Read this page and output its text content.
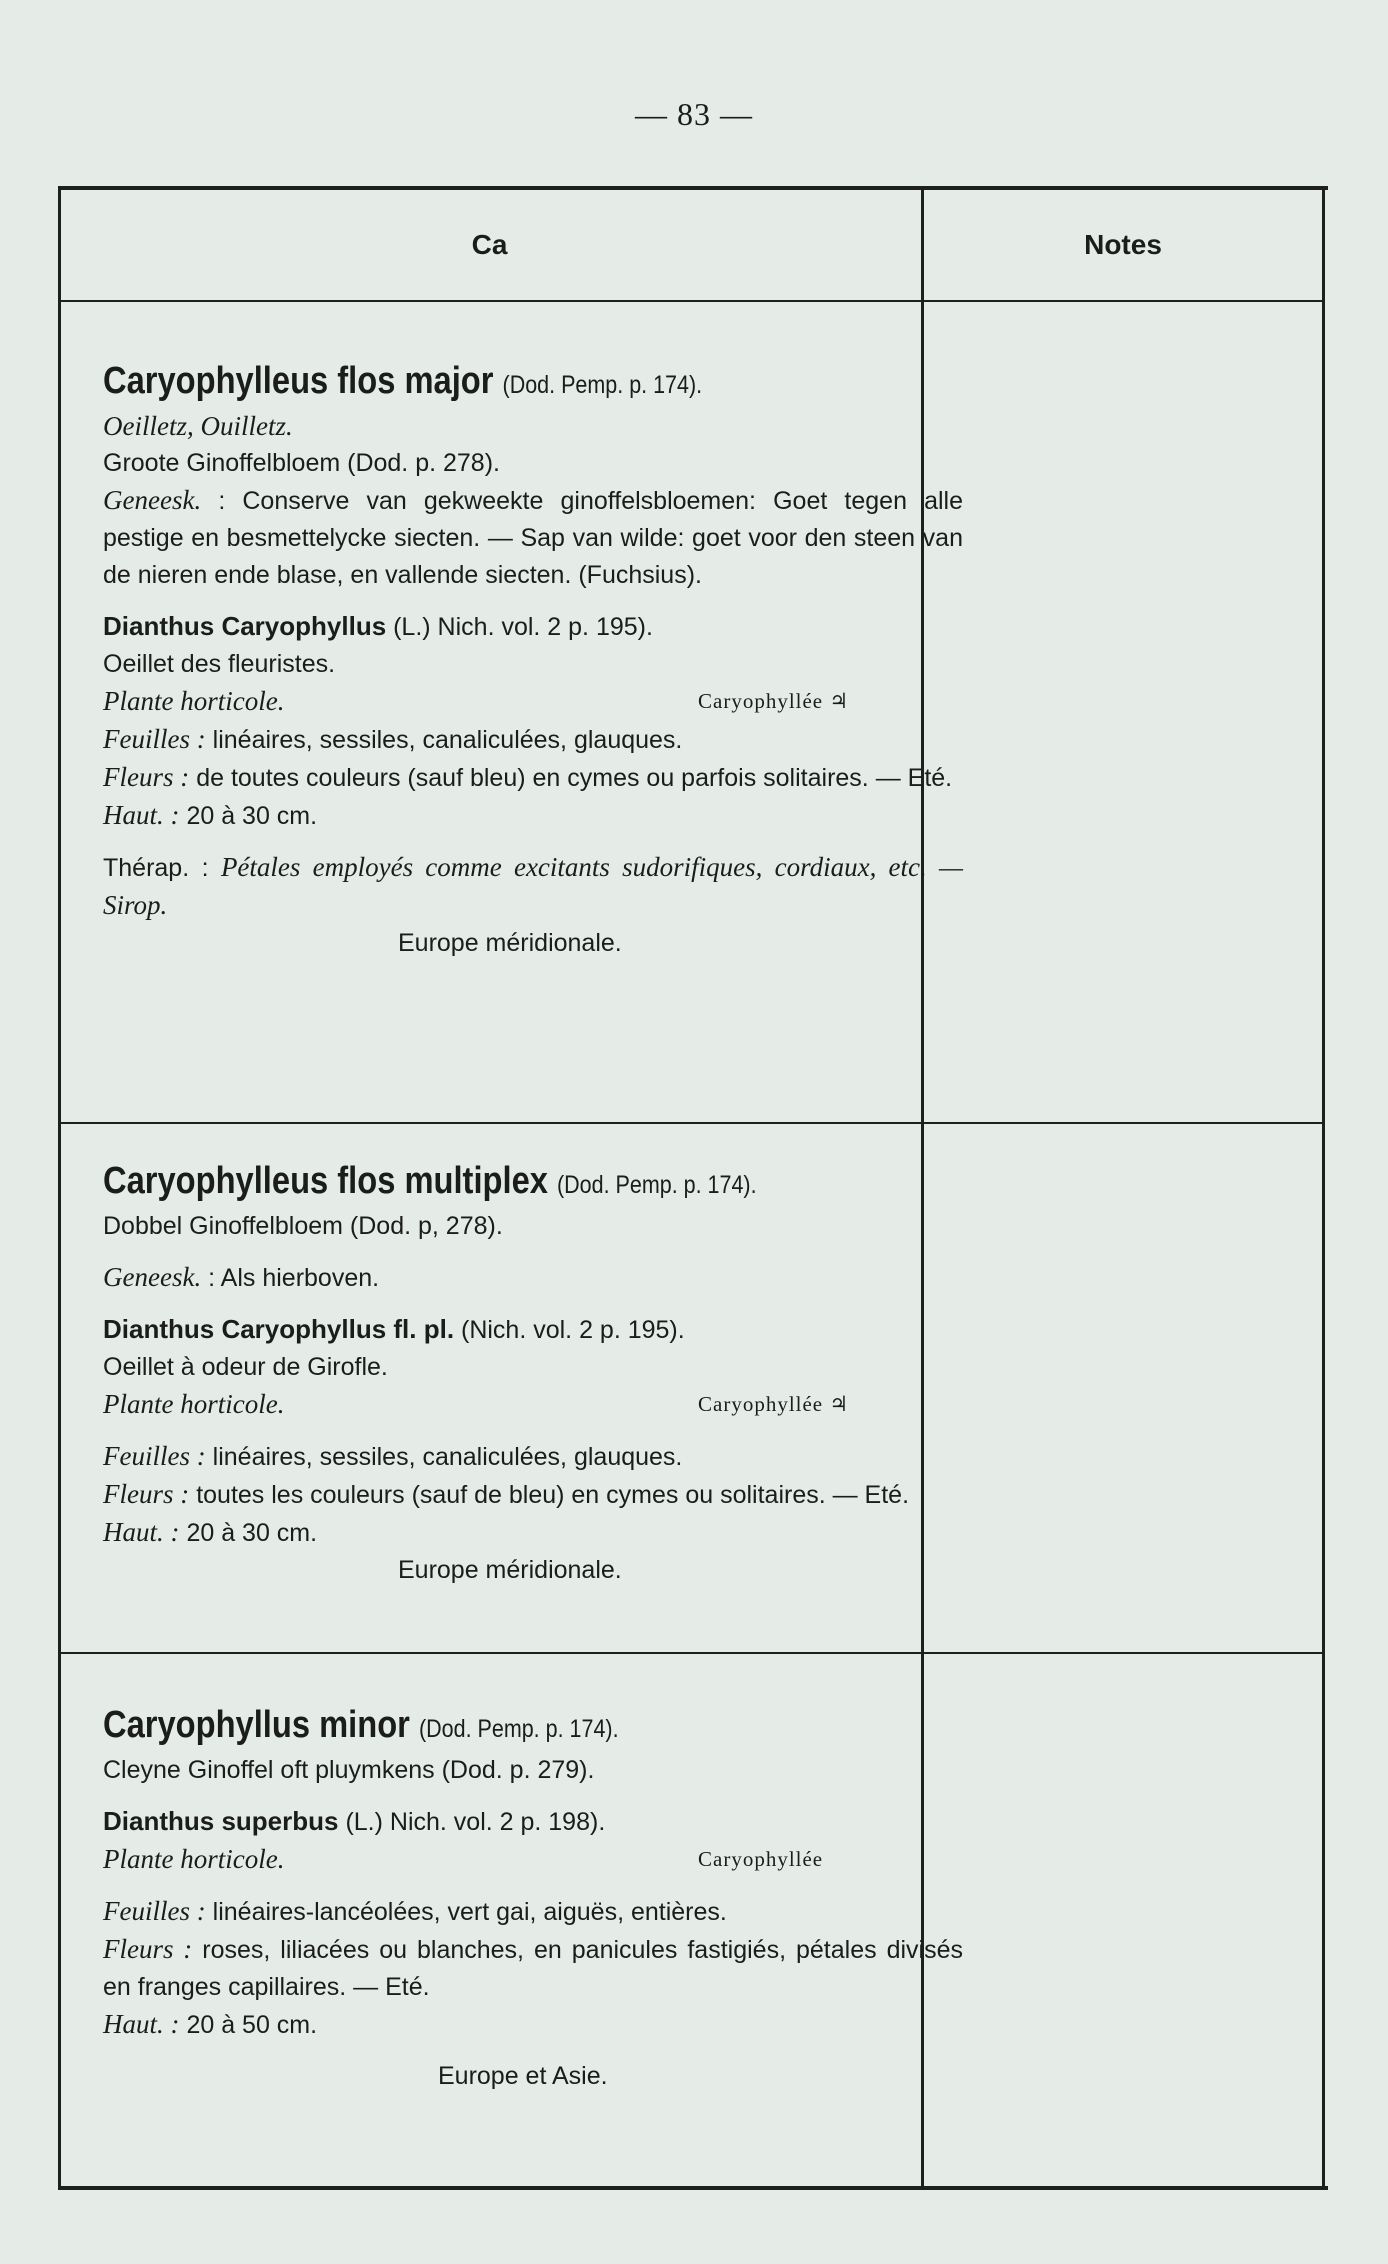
— 83 —
Ca	Notes

Caryophylleus flos major (Dod. Pemp. p. 174).

Oeilletz, Ouilletz.

Groote Ginoffelbloem (Dod. p. 278).

Geneesk. : Conserve van gekweekte ginoffelsbloemen: Goet tegen alle pestige en besmettelycke siecten. — Sap van wilde: goet voor den steen van de nieren ende blase, en vallende siecten. (Fuchsius).

Dianthus Caryophyllus (L.) Nich. vol. 2 p. 195).

Oeillet des fleuristes.

Plante horticole.	Caryophyllée ♃

Feuilles : linéaires, sessiles, canaliculées, glauques.

Fleurs : de toutes couleurs (sauf bleu) en cymes ou parfois solitaires. — Eté.

Haut. : 20 à 30 cm.

Thérap. : Pétales employés comme excitants sudorifiques, cordiaux, etc. — Sirop.

Europe méridionale.

Caryophylleus flos multiplex (Dod. Pemp. p. 174).

Dobbel Ginoffelbloem (Dod. p, 278).

Geneesk. : Als hierboven.

Dianthus Caryophyllus fl. pl. (Nich. vol. 2 p. 195).

Oeillet à odeur de Girofle.

Plante horticole.	Caryophyllée ♃

Feuilles : linéaires, sessiles, canaliculées, glauques.

Fleurs : toutes les couleurs (sauf de bleu) en cymes ou solitaires. — Eté.

Haut. : 20 à 30 cm.

Europe méridionale.

Caryophyllus minor (Dod. Pemp. p. 174).

Cleyne Ginoffel oft pluymkens (Dod. p. 279).

Dianthus superbus (L.) Nich. vol. 2 p. 198).

Plante horticole.	Caryophyllée

Feuilles : linéaires-lancéolées, vert gai, aiguës, entières.

Fleurs : roses, liliacées ou blanches, en panicules fastigiés, pétales divisés en franges capillaires. — Eté.

Haut. : 20 à 50 cm.

Europe et Asie.
